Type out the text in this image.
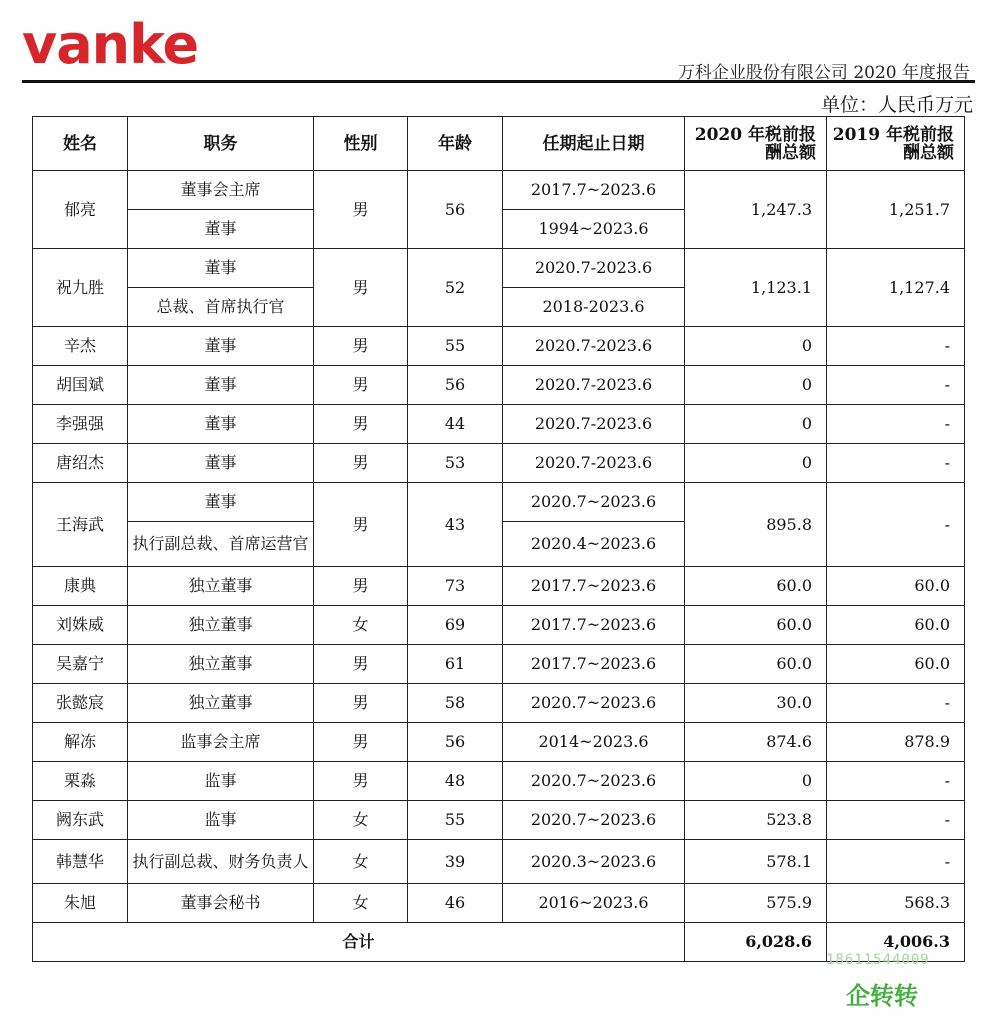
vanke	万科企业股份有限公司 2020 年度报告
单位：人民币万元
姓名	职务	性别	年龄	任期起止日期	2020 年税前报酬总额	2019 年税前报酬总额
郁亮	董事会主席	男	56	2017.7~2023.6	1,247.3	1,251.7
	董事			1994~2023.6		
祝九胜	董事	男	52	2020.7-2023.6	1,123.1	1,127.4
	总裁、首席执行官			2018-2023.6		
辛杰	董事	男	55	2020.7-2023.6	0	-
胡国斌	董事	男	56	2020.7-2023.6	0	-
李强强	董事	男	44	2020.7-2023.6	0	-
唐绍杰	董事	男	53	2020.7-2023.6	0	-
王海武	董事	男	43	2020.7~2023.6	895.8	-
	执行副总裁、首席运营官			2020.4~2023.6		
康典	独立董事	男	73	2017.7~2023.6	60.0	60.0
刘姝威	独立董事	女	69	2017.7~2023.6	60.0	60.0
吴嘉宁	独立董事	男	61	2017.7~2023.6	60.0	60.0
张懿宸	独立董事	男	58	2020.7~2023.6	30.0	-
解冻	监事会主席	男	56	2014~2023.6	874.6	878.9
栗淼	监事	男	48	2020.7~2023.6	0	-
阙东武	监事	女	55	2020.7~2023.6	523.8	-
韩慧华	执行副总裁、财务负责人	女	39	2020.3~2023.6	578.1	-
朱旭	董事会秘书	女	46	2016~2023.6	575.9	568.3
合计					6,028.6	4,006.3
18611544009
企转转
